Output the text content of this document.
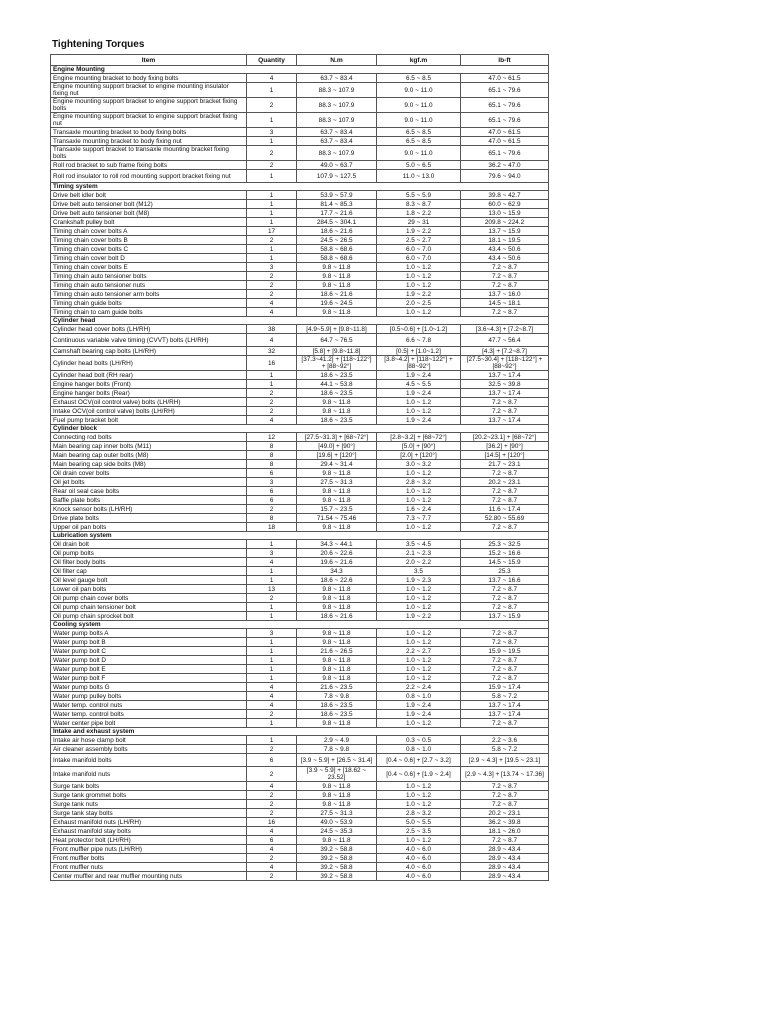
Tightening Torques
Item	Quantity	N.m	kgf.m	lb-ft
Engine Mounting				
Engine mounting bracket to body fixing bolts	4	63.7 ~ 83.4	6.5 ~ 8.5	47.0 ~ 61.5
Engine mounting support bracket to engine mounting insulator fixing nut	1	88.3 ~ 107.9	9.0 ~ 11.0	65.1 ~ 79.6
Engine mounting support bracket to engine support bracket fixing bolts	2	88.3 ~ 107.9	9.0 ~ 11.0	65.1 ~ 79.6
Engine mounting support bracket to engine support bracket fixing nut	1	88.3 ~ 107.9	9.0 ~ 11.0	65.1 ~ 79.6
Transaxle mounting bracket to body fixing bolts	3	63.7 ~ 83.4	6.5 ~ 8.5	47.0 ~ 61.5
Transaxle mounting bracket to body fixing nut	1	63.7 ~ 83.4	6.5 ~ 8.5	47.0 ~ 61.5
Transaxle support bracket to transaxle mounting bracket fixing bolts	2	88.3 ~ 107.9	9.0 ~ 11.0	65.1 ~ 79.6
Roll rod bracket to sub frame fixing bolts	2	49.0 ~ 63.7	5.0 ~ 6.5	36.2 ~ 47.0
Roll rod insulator to roll rod mounting support bracket fixing nut	1	107.9 ~ 127.5	11.0 ~ 13.0	79.6 ~ 94.0
Timing system				
Drive belt idler bolt	1	53.9 ~ 57.9	5.5 ~ 5.9	39.8 ~ 42.7
Drive belt auto tensioner bolt (M12)	1	81.4 ~ 85.3	8.3 ~ 8.7	60.0 ~ 62.9
Drive belt auto tensioner bolt (M8)	1	17.7 ~ 21.6	1.8 ~ 2.2	13.0 ~ 15.9
Crankshaft pulley bolt	1	284.5 ~ 304.1	29 ~ 31	209.8 ~ 224.2
Timing chain cover bolts A	17	18.6 ~ 21.6	1.9 ~ 2.2	13.7 ~ 15.9
Timing chain cover bolts B	2	24.5 ~ 26.5	2.5 ~ 2.7	18.1 ~ 19.5
Timing chain cover bolts C	1	58.8 ~ 68.6	6.0 ~ 7.0	43.4 ~ 50.6
Timing chain cover bolt D	1	58.8 ~ 68.6	6.0 ~ 7.0	43.4 ~ 50.6
Timing chain cover bolts E	3	9.8 ~ 11.8	1.0 ~ 1.2	7.2 ~ 8.7
Timing chain auto tensioner bolts	2	9.8 ~ 11.8	1.0 ~ 1.2	7.2 ~ 8.7
Timing chain auto tensioner nuts	2	9.8 ~ 11.8	1.0 ~ 1.2	7.2 ~ 8.7
Timing chain auto tensioner arm bolts	2	18.6 ~ 21.6	1.9 ~ 2.2	13.7 ~ 16.0
Timing chain guide bolts	4	19.6 ~ 24.5	2.0 ~ 2.5	14.5 ~ 18.1
Timing chain to cam guide bolts	4	9.8 ~ 11.8	1.0 ~ 1.2	7.2 ~ 8.7
Cylinder head				
Cylinder head cover bolts (LH/RH)	38	[4.9~5.9] + [9.8~11.8]	[0.5~0.6] + [1.0~1.2]	[3.6~4.3] + [7.2~8.7]
Continuous variable valve timing (CVVT) bolts (LH/RH)	4	64.7 ~ 76.5	6.6 ~ 7.8	47.7 ~ 56.4
Camshaft bearing cap bolts (LH/RH)	32	[5.8] + [9.8~11.8]	[0.5] + [1.0~1.2]	[4.3] + [7.2~8.7]
Cylinder head bolts (LH/RH)	16	[37.3~41.2] + [118~122°] + [88~92°]	[3.8~4.2] + [118~122°] + [88~92°]	[27.5~30.4] + [118~122°] + [88~92°]
Cylinder head bolt (RH rear)	1	18.6 ~ 23.5	1.9 ~ 2.4	13.7 ~ 17.4
Engine hanger bolts (Front)	1	44.1 ~ 53.8	4.5 ~ 5.5	32.5 ~ 39.8
Engine hanger bolts (Rear)	2	18.6 ~ 23.5	1.9 ~ 2.4	13.7 ~ 17.4
Exhaust OCV(oil control valve) bolts (LH/RH)	2	9.8 ~ 11.8	1.0 ~ 1.2	7.2 ~ 8.7
Intake OCV(oil control valve) bolts (LH/RH)	2	9.8 ~ 11.8	1.0 ~ 1.2	7.2 ~ 8.7
Fuel pump bracket bolt	4	18.6 ~ 23.5	1.9 ~ 2.4	13.7 ~ 17.4
Cylinder block				
Connecting rod bolts	12	[27.5~31.3] + [68~72°]	[2.8~3.2] + [68~72°]	[20.2~23.1] + [68~72°]
Main bearing cap inner bolts (M11)	8	[49.0] + [90°]	[5.0] + [90°]	[36.2] + [90°]
Main bearing cap outer bolts (M8)	8	[19.6] + [120°]	[2.0] + [120°]	[14.5] + [120°]
Main bearing cap side bolts (M8)	8	29.4 ~ 31.4	3.0 ~ 3.2	21.7 ~ 23.1
Oil drain cover bolts	6	9.8 ~ 11.8	1.0 ~ 1.2	7.2 ~ 8.7
Oil jet bolts	3	27.5 ~ 31.3	2.8 ~ 3.2	20.2 ~ 23.1
Rear oil seal case bolts	6	9.8 ~ 11.8	1.0 ~ 1.2	7.2 ~ 8.7
Baffle plate bolts	6	9.8 ~ 11.8	1.0 ~ 1.2	7.2 ~ 8.7
Knock sensor bolts (LH/RH)	2	15.7 ~ 23.5	1.6 ~ 2.4	11.6 ~ 17.4
Drive plate bolts	8	71.54 ~ 75.46	7.3 ~ 7.7	52.80 ~ 55.69
Upper oil pan bolts	18	9.8 ~ 11.8	1.0 ~ 1.2	7.2 ~ 8.7
Lubrication system				
Oil drain bolt	1	34.3 ~ 44.1	3.5 ~ 4.5	25.3 ~ 32.5
Oil pump bolts	3	20.6 ~ 22.6	2.1 ~ 2.3	15.2 ~ 16.6
Oil filter body bolts	4	19.6 ~ 21.6	2.0 ~ 2.2	14.5 ~ 15.9
Oil filter cap	1	34.3	3.5	25.3
Oil level gauge bolt	1	18.6 ~ 22.6	1.9 ~ 2.3	13.7 ~ 16.6
Lower oil pan bolts	13	9.8 ~ 11.8	1.0 ~ 1.2	7.2 ~ 8.7
Oil pump chain cover bolts	2	9.8 ~ 11.8	1.0 ~ 1.2	7.2 ~ 8.7
Oil pump chain tensioner bolt	1	9.8 ~ 11.8	1.0 ~ 1.2	7.2 ~ 8.7
Oil pump chain sprocket bolt	1	18.6 ~ 21.6	1.9 ~ 2.2	13.7 ~ 15.9
Cooling system				
Water pump bolts A	3	9.8 ~ 11.8	1.0 ~ 1.2	7.2 ~ 8.7
Water pump bolt B	1	9.8 ~ 11.8	1.0 ~ 1.2	7.2 ~ 8.7
Water pump bolt C	1	21.6 ~ 26.5	2.2 ~ 2.7	15.9 ~ 19.5
Water pump bolt D	1	9.8 ~ 11.8	1.0 ~ 1.2	7.2 ~ 8.7
Water pump bolt E	1	9.8 ~ 11.8	1.0 ~ 1.2	7.2 ~ 8.7
Water pump bolt F	1	9.8 ~ 11.8	1.0 ~ 1.2	7.2 ~ 8.7
Water pump bolts G	4	21.6 ~ 23.5	2.2 ~ 2.4	15.9 ~ 17.4
Water pump pulley bolts	4	7.8 ~ 9.8	0.8 ~ 1.0	5.8 ~ 7.2
Water temp. control nuts	4	18.6 ~ 23.5	1.9 ~ 2.4	13.7 ~ 17.4
Water temp. control bolts	2	18.6 ~ 23.5	1.9 ~ 2.4	13.7 ~ 17.4
Water center pipe bolt	1	9.8 ~ 11.8	1.0 ~ 1.2	7.2 ~ 8.7
Intake and exhaust system				
Intake air hose clamp bolt	1	2.9 ~ 4.9	0.3 ~ 0.5	2.2 ~ 3.6
Air cleaner assembly bolts	2	7.8 ~ 9.8	0.8 ~ 1.0	5.8 ~ 7.2
Intake manifold bolts	6	[3.9 ~ 5.9] + [26.5 ~ 31.4]	[0.4 ~ 0.6] + [2.7 ~ 3.2]	[2.9 ~ 4.3] + [19.5 ~ 23.1]
Intake manifold nuts	2	[3.9 ~ 5.9] + [18.62 ~ 23.52]	[0.4 ~ 0.6] + [1.9 ~ 2.4]	[2.9 ~ 4.3] + [13.74 ~ 17.36]
Surge tank bolts	4	9.8 ~ 11.8	1.0 ~ 1.2	7.2 ~ 8.7
Surge tank grommet bolts	2	9.8 ~ 11.8	1.0 ~ 1.2	7.2 ~ 8.7
Surge tank nuts	2	9.8 ~ 11.8	1.0 ~ 1.2	7.2 ~ 8.7
Surge tank stay bolts	2	27.5 ~ 31.3	2.8 ~ 3.2	20.2 ~ 23.1
Exhaust manifold nuts (LH/RH)	16	49.0 ~ 53.9	5.0 ~ 5.5	36.2 ~ 39.8
Exhaust manifold stay bolts	4	24.5 ~ 35.3	2.5 ~ 3.5	18.1 ~ 26.0
Heat protector bolt (LH/RH)	6	9.8 ~ 11.8	1.0 ~ 1.2	7.2 ~ 8.7
Front muffler pipe nuts (LH/RH)	4	39.2 ~ 58.8	4.0 ~ 6.0	28.9 ~ 43.4
Front muffler bolts	2	39.2 ~ 58.8	4.0 ~ 6.0	28.9 ~ 43.4
Front muffler nuts	4	39.2 ~ 58.8	4.0 ~ 6.0	28.9 ~ 43.4
Center muffler and rear muffler mounting nuts	2	39.2 ~ 58.8	4.0 ~ 6.0	28.9 ~ 43.4
